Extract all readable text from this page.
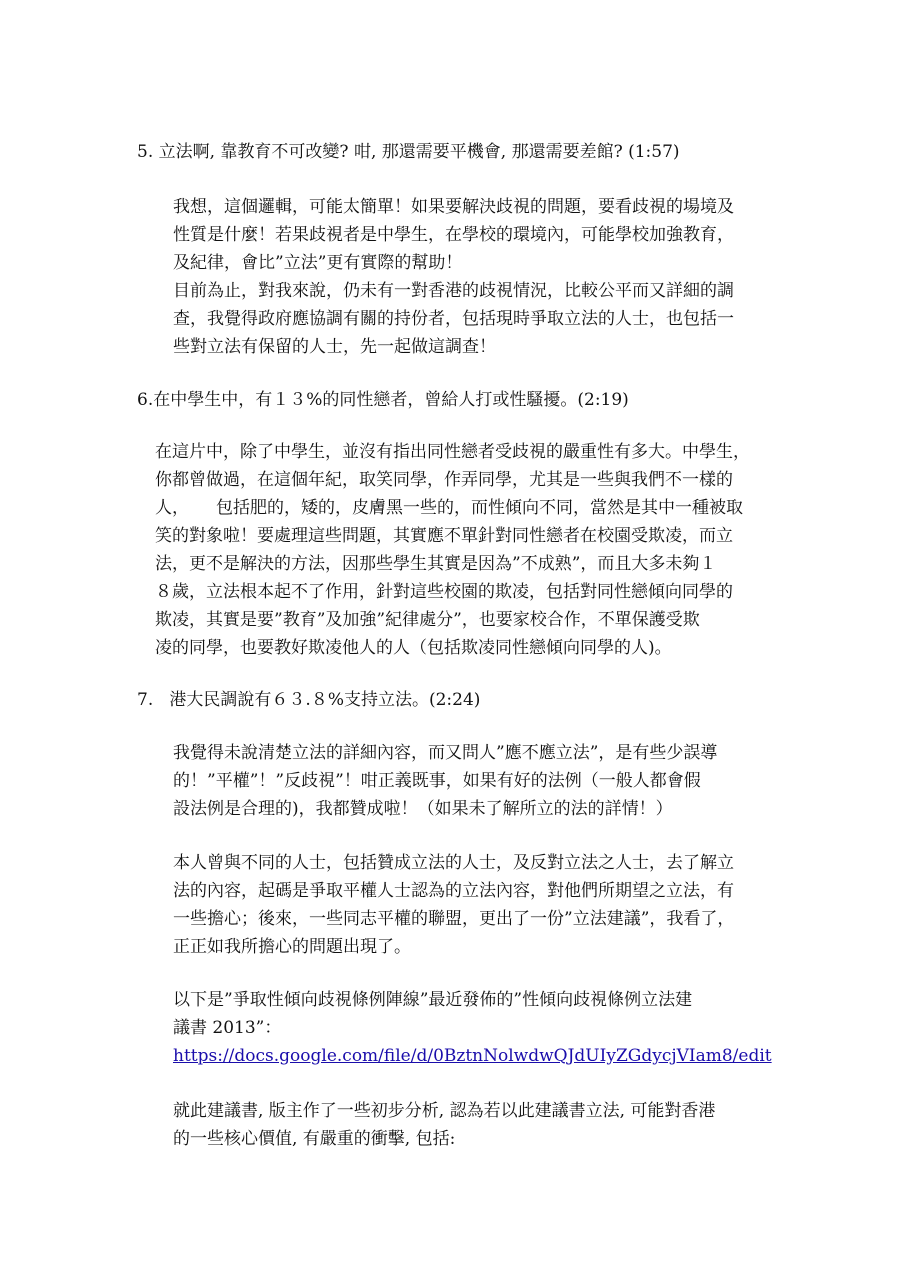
5. 立法啊, 靠教育不可改變? 咁, 那還需要平機會, 那還需要差館? (1:57)
我想，這個邏輯，可能太簡單！如果要解決歧視的問題，要看歧視的場境及
性質是什麼！若果歧視者是中學生，在學校的環境內，可能學校加強教育，
及紀律，會比”立法”更有實際的幫助！
目前為止，對我來說，仍未有一對香港的歧視情況，比較公平而又詳細的調
查，我覺得政府應協調有關的持份者，包括現時爭取立法的人士，也包括一
些對立法有保留的人士，先一起做這調查！
6.在中學生中，有１３%的同性戀者，曾給人打或性騷擾。(2:19)
在這片中，除了中學生，並沒有指出同性戀者受歧視的嚴重性有多大。中學生，
你都曾做過，在這個年紀，取笑同學，作弄同學，尤其是一些與我們不一樣的
人，     包括肥的，矮的，皮膚黑一些的，而性傾向不同，當然是其中一種被取
笑的對象啦！要處理這些問題，其實應不單針對同性戀者在校園受欺凌，而立
法，更不是解決的方法，因那些學生其實是因為”不成熟”，而且大多未夠１
８歲，立法根本起不了作用，針對這些校園的欺凌，包括對同性戀傾向同學的
欺凌，其實是要”教育”及加強”紀律處分”，也要家校合作，不單保護受欺
凌的同學，也要教好欺凌他人的人（包括欺凌同性戀傾向同學的人)。
7.   港大民調說有６３.８%支持立法。(2:24)
我覺得未說清楚立法的詳細內容，而又問人”應不應立法”，是有些少誤導
的！”平權”！”反歧視”！咁正義既事，如果有好的法例（一般人都會假
設法例是合理的)，我都贊成啦！（如果未了解所立的法的詳情！）
本人曾與不同的人士，包括贊成立法的人士，及反對立法之人士，去了解立
法的內容，起碼是爭取平權人士認為的立法內容，對他們所期望之立法，有
一些擔心；後來，一些同志平權的聯盟，更出了一份”立法建議”，我看了，
正正如我所擔心的問題出現了。
以下是”爭取性傾向歧視條例陣線”最近發佈的”性傾向歧視條例立法建
議書 2013”：
https://docs.google.com/file/d/0BztnNolwdwQJdUIyZGdycjVIam8/edit
就此建議書, 版主作了一些初步分析, 認為若以此建議書立法, 可能對香港
的一些核心價值, 有嚴重的衝擊, 包括:
